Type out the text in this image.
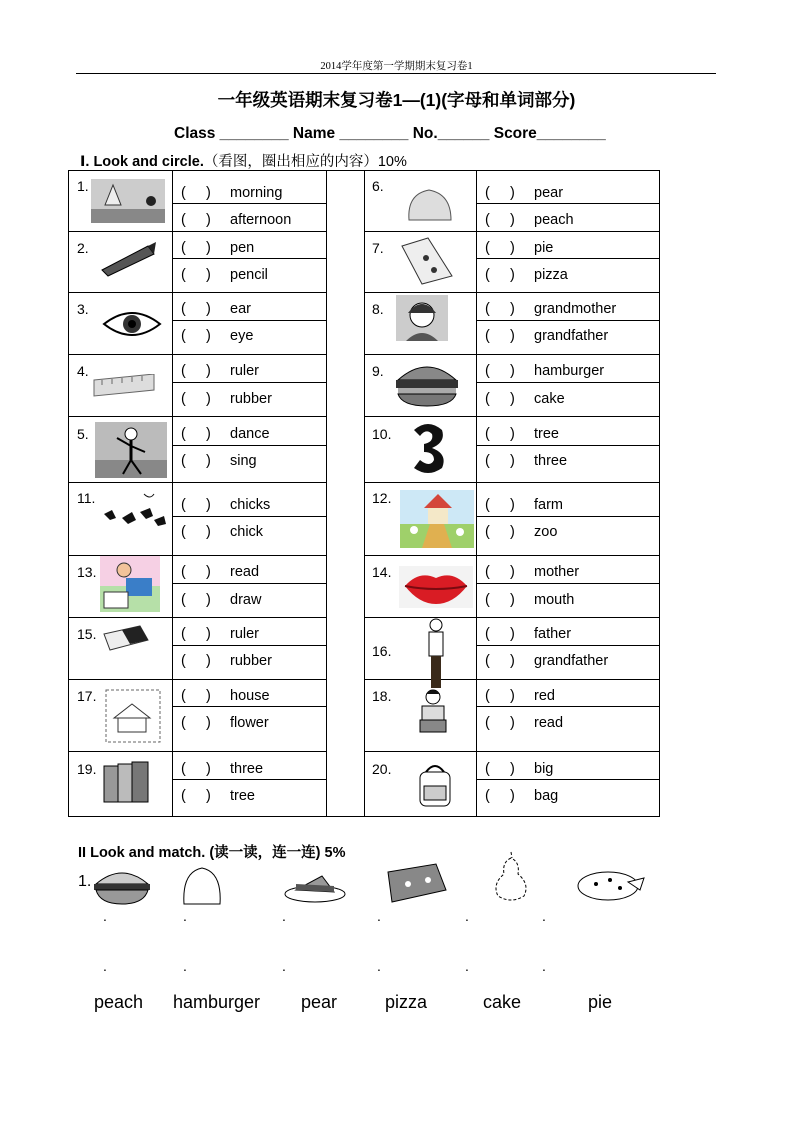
2014学年度第一学期期末复习卷1
一年级英语期末复习卷1—(1)(字母和单词部分)
Class ________ Name ________ No.______ Score________
Ⅰ. Look and circle.（看图，圈出相应的内容）10%
1.	(     ) morning
(     ) afternoon
2.	(     ) pen
(     ) pencil
3.	(     ) ear
(     ) eye
4.	(     ) ruler
(     ) rubber
5.	(     ) dance
(     ) sing
6.	(     ) pear
(     ) peach
7.	(     ) pie
(     ) pizza
8.	(     ) grandmother
(     ) grandfather
9.	(     ) hamburger
(     ) cake
10.	(     ) tree
(     ) three
11.	(     ) chicks
(     ) chick
12.	(     ) farm
(     ) zoo
13.	(     ) read
(     ) draw
14.	(     ) mother
(     ) mouth
15.	(     ) ruler
(     ) rubber
16.
(     ) father
(     ) grandfather
17.	(     ) house
(     ) flower
18.	(     ) red
(     ) read
19.	(     ) three
(     ) tree
20.	(     ) big
(     ) bag
II Look and match. (读一读，连一连) 5%
1.
.	.	.	.	.	.
.	.	.	.	.	.
peach hamburger pear	pizza	cake	pie
